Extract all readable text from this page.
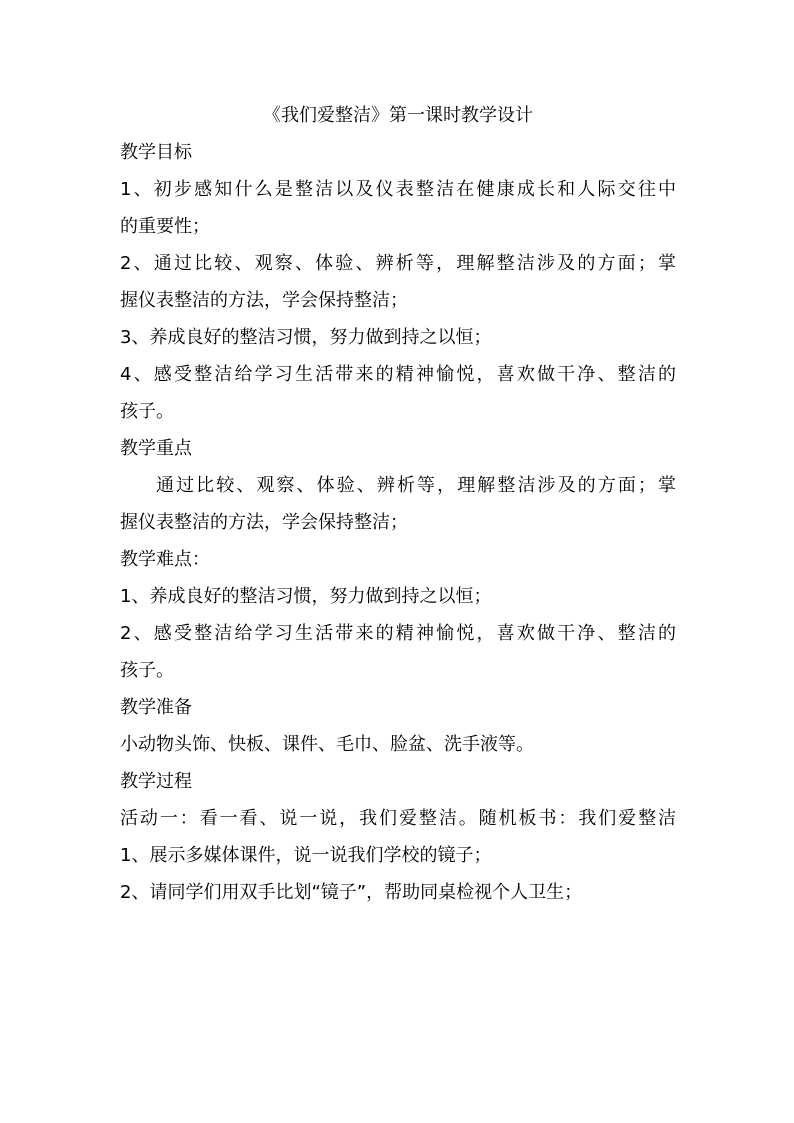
《我们爱整洁》第一课时教学设计
教学目标
1、初步感知什么是整洁以及仪表整洁在健康成长和人际交往中
的重要性；
2、通过比较、观察、体验、辨析等，理解整洁涉及的方面；掌
握仪表整洁的方法，学会保持整洁；
3、养成良好的整洁习惯，努力做到持之以恒；
4、感受整洁给学习生活带来的精神愉悦，喜欢做干净、整洁的
孩子。
教学重点
通过比较、观察、体验、辨析等，理解整洁涉及的方面；掌
握仪表整洁的方法，学会保持整洁；
教学难点：
1、养成良好的整洁习惯，努力做到持之以恒；
2、感受整洁给学习生活带来的精神愉悦，喜欢做干净、整洁的
孩子。
教学准备
小动物头饰、快板、课件、毛巾、脸盆、洗手液等。
教学过程
活动一：看一看、说一说，我们爱整洁。随机板书：我们爱整洁
1、展示多媒体课件，说一说我们学校的镜子；
2、请同学们用双手比划“镜子”，帮助同桌检视个人卫生；
